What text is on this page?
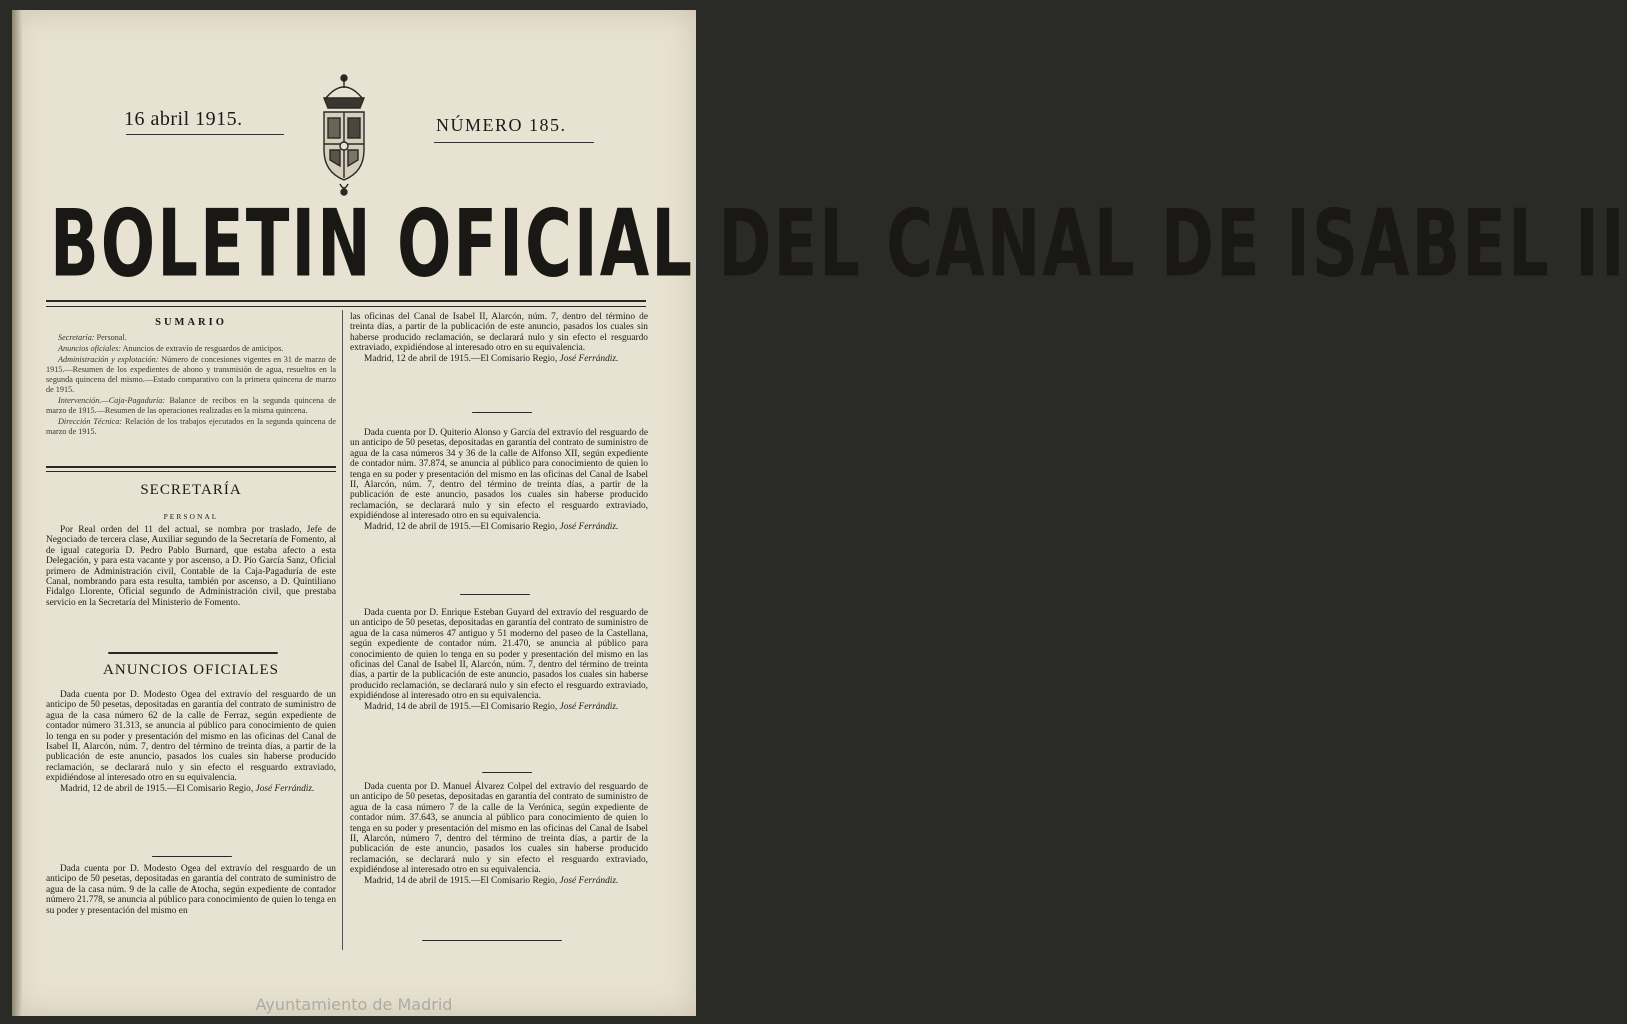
16 abril 1915.	NÚMERO 185.
BOLETIN OFICIAL DEL CANAL DE ISABEL II
SUMARIO

Secretaría: Personal.

Anuncios oficiales: Anuncios de extravío de resguardos de anticipos.

Administración y explotación: Número de concesiones vigentes en 31 de marzo de 1915.—Resumen de los expedientes de abono y transmisión de agua, resueltos en la segunda quincena del mismo.—Estado comparativo con la primera quincena de marzo de 1915.

Intervención.—Caja-Pagaduría: Balance de recibos en la segunda quincena de marzo de 1915.—Resumen de las operaciones realizadas en la misma quincena.

Dirección Técnica: Relación de los trabajos ejecutados en la segunda quincena de marzo de 1915.

SECRETARÍA
PERSONAL

Por Real orden del 11 del actual, se nombra por traslado, Jefe de Negociado de tercera clase, Auxiliar segundo de la Secretaría de Fomento, al de igual categoría D. Pedro Pablo Burnard, que estaba afecto a esta Delegación, y para esta vacante y por ascenso, a D. Pío García Sanz, Oficial primero de Administración civil, Contable de la Caja-Pagaduría de este Canal, nombrando para esta resulta, también por ascenso, a D. Quintiliano Fidalgo Llorente, Oficial segundo de Administración civil, que prestaba servicio en la Secretaría del Ministerio de Fomento.

ANUNCIOS OFICIALES

Dada cuenta por D. Modesto Ogea del extravío del resguardo de un anticipo de 50 pesetas, depositadas en garantía del contrato de suministro de agua de la casa número 62 de la calle de Ferraz, según expediente de contador número 31.313, se anuncia al público para conocimiento de quien lo tenga en su poder y presentación del mismo en las oficinas del Canal de Isabel II, Alarcón, núm. 7, dentro del término de treinta días, a partir de la publicación de este anuncio, pasados los cuales sin haberse producido reclamación, se declarará nulo y sin efecto el resguardo extraviado, expidiéndose al interesado otro en su equivalencia.

Madrid, 12 de abril de 1915.—El Comisario Regio, José Ferrándiz.

Dada cuenta por D. Modesto Ogea del extravío del resguardo de un anticipo de 50 pesetas, depositadas en garantía del contrato de suministro de agua de la casa núm. 9 de la calle de Atocha, según expediente de contador número 21.778, se anuncia al público para conocimiento de quien lo tenga en su poder y presentación del mismo en

las oficinas del Canal de Isabel II, Alarcón, núm. 7, dentro del término de treinta días, a partir de la publicación de este anuncio, pasados los cuales sin haberse producido reclamación, se declarará nulo y sin efecto el resguardo extraviado, expidiéndose al interesado otro en su equivalencia.

Madrid, 12 de abril de 1915.—El Comisario Regio, José Ferrándiz.

Dada cuenta por D. Quiterio Alonso y García del extravío del resguardo de un anticipo de 50 pesetas, depositadas en garantía del contrato de suministro de agua de la casa números 34 y 36 de la calle de Alfonso XII, según expediente de contador núm. 37.874, se anuncia al público para conocimiento de quien lo tenga en su poder y presentación del mismo en las oficinas del Canal de Isabel II, Alarcón, núm. 7, dentro del término de treinta días, a partir de la publicación de este anuncio, pasados los cuales sin haberse producido reclamación, se declarará nulo y sin efecto el resguardo extraviado, expidiéndose al interesado otro en su equivalencia.

Madrid, 12 de abril de 1915.—El Comisario Regio, José Ferrándiz.

Dada cuenta por D. Enrique Esteban Guyard del extravío del resguardo de un anticipo de 50 pesetas, depositadas en garantía del contrato de suministro de agua de la casa números 47 antiguo y 51 moderno del paseo de la Castellana, según expediente de contador núm. 21.470, se anuncia al público para conocimiento de quien lo tenga en su poder y presentación del mismo en las oficinas del Canal de Isabel II, Alarcón, núm. 7, dentro del término de treinta días, a partir de la publicación de este anuncio, pasados los cuales sin haberse producido reclamación, se declarará nulo y sin efecto el resguardo extraviado, expidiéndose al interesado otro en su equivalencia.

Madrid, 14 de abril de 1915.—El Comisario Regio, José Ferrándiz.

Dada cuenta por D. Manuel Álvarez Colpel del extravío del resguardo de un anticipo de 50 pesetas, depositadas en garantía del contrato de suministro de agua de la casa número 7 de la calle de la Verónica, según expediente de contador núm. 37.643, se anuncia al público para conocimiento de quien lo tenga en su poder y presentación del mismo en las oficinas del Canal de Isabel II, Alarcón, número 7, dentro del término de treinta días, a partir de la publicación de este anuncio, pasados los cuales sin haberse producido reclamación, se declarará nulo y sin efecto el resguardo extraviado, expidiéndose al interesado otro en su equivalencia.

Madrid, 14 de abril de 1915.—El Comisario Regio, José Ferrándiz.

Ayuntamiento de Madrid
